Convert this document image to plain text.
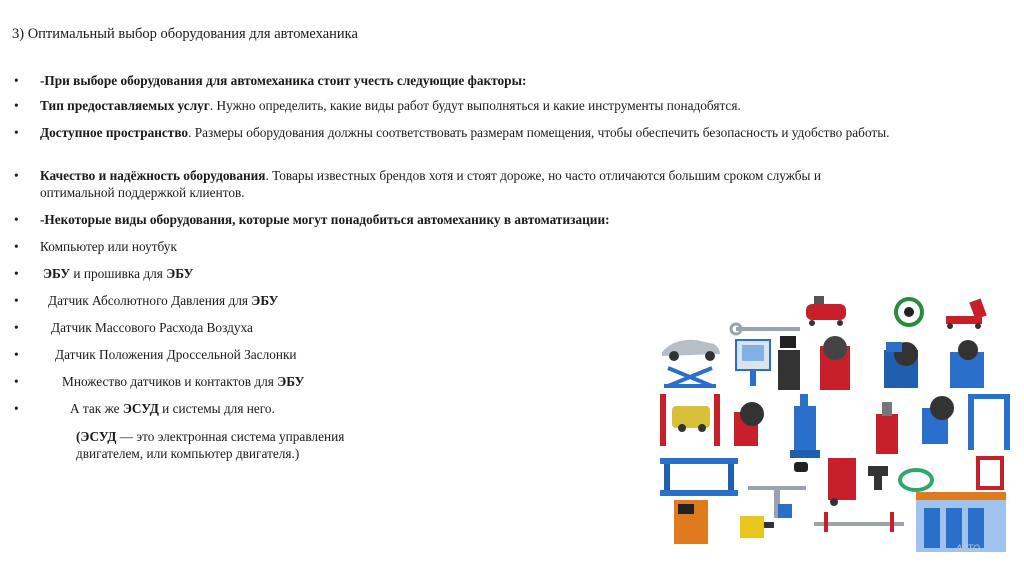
3) Оптимальный выбор оборудования для автомеханика
• -При выборе оборудования для автомеханика стоит учесть следующие факторы:
• Тип предоставляемых услуг. Нужно определить, какие виды работ будут выполняться и какие инструменты понадобятся.
• Доступное пространство. Размеры оборудования должны соответствовать размерам помещения, чтобы обеспечить безопасность и удобство работы.
• Качество и надёжность оборудования. Товары известных брендов хотя и стоят дороже, но часто отличаются большим сроком службы и оптимальной поддержкой клиентов.
• -Некоторые виды оборудования, которые могут понадобиться автомеханику в автоматизации:
• Компьютер или ноутбук
• ЭБУ и прошивка для ЭБУ
• Датчик Абсолютного Давления для ЭБУ
• Датчик Массового Расхода Воздуха
•	Датчик Положения Дроссельной Заслонки
•	Множество датчиков и контактов для ЭБУ
•	А так же ЭСУД и системы для него.
(ЭСУД — это электронная система управления двигателем, или компьютер двигателя.)
AVTO
